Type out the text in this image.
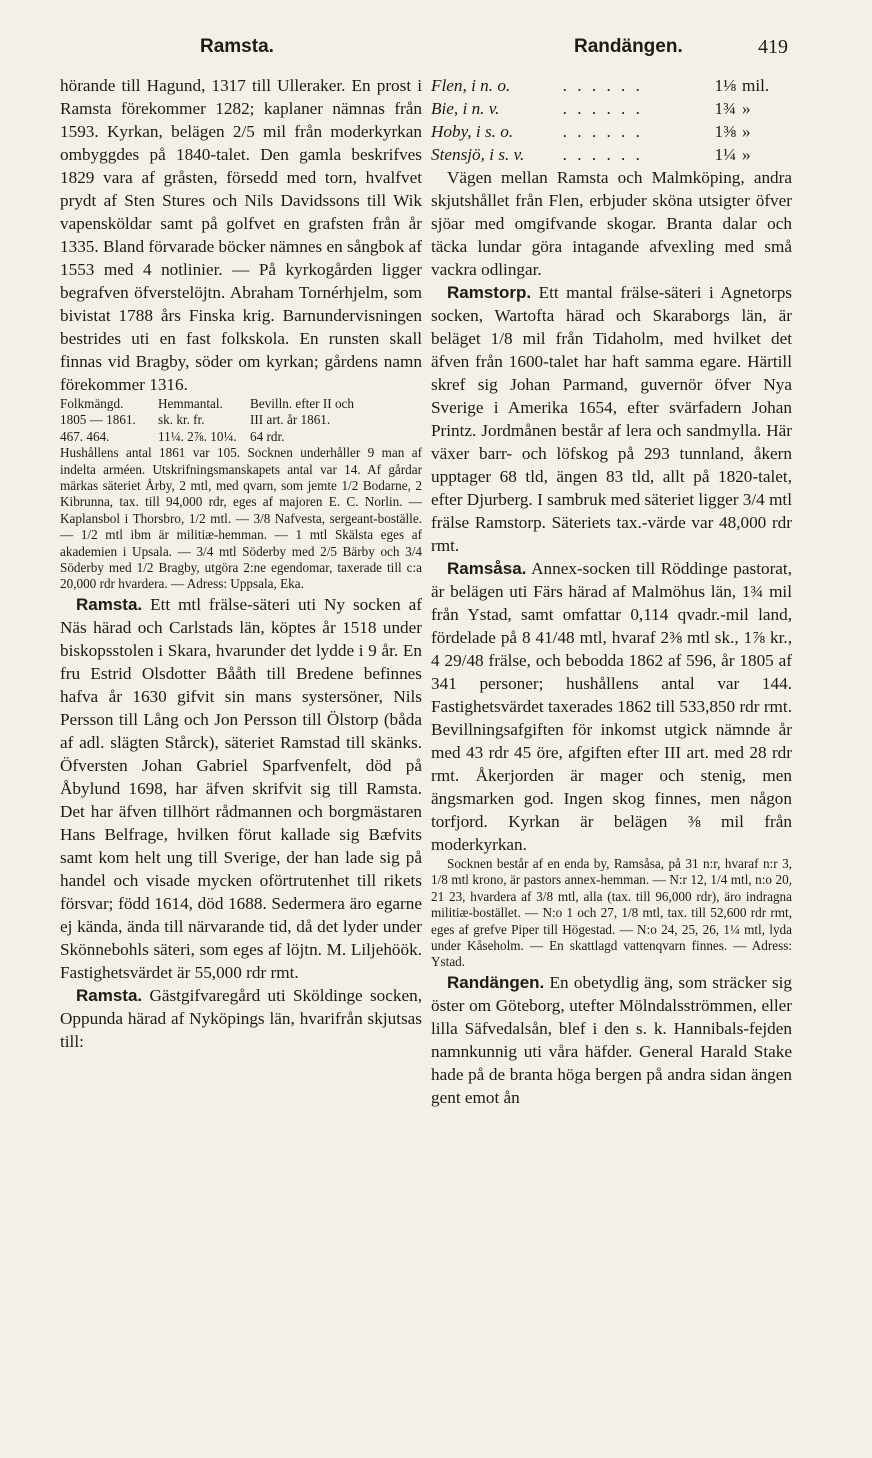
Ramsta.	Randängen.	419

hörande till Hagund, 1317 till Ulleraker. En prost i Ramsta förekommer 1282; kaplaner nämnas från 1593. Kyrkan, belägen 2/5 mil från moderkyrkan ombyggdes på 1840-talet. Den gamla beskrifves 1829 vara af gråsten, försedd med torn, hvalfvet prydt af Sten Stures och Nils Davidssons till Wik vapensköldar samt på golfvet en grafsten från år 1335. Bland förvarade böcker nämnes en sångbok af 1553 med 4 notlinier. — På kyrkogården ligger begrafven öfverstelöjtn. Abraham Tornérhjelm, som bivistat 1788 års Finska krig. Barnundervisningen bestrides uti en fast folkskola. En runsten skall finnas vid Bragby, söder om kyrkan; gårdens namn förekommer 1316.

Folkmängd.	Hemmantal.	Bevilln. efter II och
1805 — 1861.	sk. kr. fr.	III art. år 1861.
467. 464.	11¼. 2⅞. 10¼.	64 rdr.

Hushållens antal 1861 var 105. Socknen underhåller 9 man af indelta arméen. Utskrifningsmanskapets antal var 14. Af gårdar märkas säteriet Årby, 2 mtl, med qvarn, som jemte 1/2 Bodarne, 2 Kibrunna, tax. till 94,000 rdr, eges af majoren E. C. Norlin. — Kaplansbol i Thorsbro, 1/2 mtl. — 3/8 Nafvesta, sergeant-boställe. — 1/2 mtl ibm är militiæ-hemman. — 1 mtl Skälsta eges af akademien i Upsala. — 3/4 mtl Söderby med 2/5 Bärby och 3/4 Söderby med 1/2 Bragby, utgöra 2:ne egendomar, taxerade till c:a 20,000 rdr hvardera. — Adress: Uppsala, Eka.

Ramsta. Ett mtl frälse-säteri uti Ny socken af Näs härad och Carlstads län, köptes år 1518 under biskopsstolen i Skara, hvarunder det lydde i 9 år. En fru Estrid Olsdotter Bååth till Bredene befinnes hafva år 1630 gifvit sin mans systersöner, Nils Persson till Lång och Jon Persson till Ölstorp (båda af adl. slägten Stårck), säteriet Ramstad till skänks. Öfversten Johan Gabriel Sparfvenfelt, död på Åbylund 1698, har äfven skrifvit sig till Ramsta. Det har äfven tillhört rådmannen och borgmästaren Hans Belfrage, hvilken förut kallade sig Bæfvits samt kom helt ung till Sverige, der han lade sig på handel och visade mycken oförtrutenhet till rikets försvar; född 1614, död 1688. Sedermera äro egarne ej kända, ända till närvarande tid, då det lyder under Skönnebohls säteri, som eges af löjtn. M. Liljehöök. Fastighetsvärdet är 55,000 rdr rmt.

Ramsta. Gästgifvaregård uti Sköldinge socken, Oppunda härad af Nyköpings län, hvarifrån skjutsas till:

Flen, i n. o.	. . . . . .	1⅛	mil.
Bie, i n. v.	. . . . . .	1¾	»
Hoby, i s. o.	. . . . . .	1⅜	»
Stensjö, i s. v.	. . . . . .	1¼	»

Vägen mellan Ramsta och Malmköping, andra skjutshållet från Flen, erbjuder sköna utsigter öfver sjöar med omgifvande skogar. Branta dalar och täcka lundar göra intagande afvexling med små vackra odlingar.

Ramstorp. Ett mantal frälse-säteri i Agnetorps socken, Wartofta härad och Skaraborgs län, är beläget 1/8 mil från Tidaholm, med hvilket det äfven från 1600-talet har haft samma egare. Härtill skref sig Johan Parmand, guvernör öfver Nya Sverige i Amerika 1654, efter svärfadern Johan Printz. Jordmånen består af lera och sandmylla. Här växer barr- och löfskog på 293 tunnland, åkern upptager 68 tld, ängen 83 tld, allt på 1820-talet, efter Djurberg. I sambruk med säteriet ligger 3/4 mtl frälse Ramstorp. Säteriets tax.-värde var 48,000 rdr rmt.

Ramsåsa. Annex-socken till Röddinge pastorat, är belägen uti Färs härad af Malmöhus län, 1¾ mil från Ystad, samt omfattar 0,114 qvadr.-mil land, fördelade på 8 41/48 mtl, hvaraf 2⅜ mtl sk., 1⅞ kr., 4 29/48 frälse, och bebodda 1862 af 596, år 1805 af 341 personer; hushållens antal var 144. Fastighetsvärdet taxerades 1862 till 533,850 rdr rmt. Bevillningsafgiften för inkomst utgick nämnde år med 43 rdr 45 öre, afgiften efter III art. med 28 rdr rmt. Åkerjorden är mager och stenig, men ängsmarken god. Ingen skog finnes, men någon torfjord. Kyrkan är belägen ⅜ mil från moderkyrkan.

Socknen består af en enda by, Ramsåsa, på 31 n:r, hvaraf n:r 3, 1/8 mtl krono, är pastors annex-hemman. — N:r 12, 1/4 mtl, n:o 20, 21 23, hvardera af 3/8 mtl, alla (tax. till 96,000 rdr), äro indragna militiæ-bostället. — N:o 1 och 27, 1/8 mtl, tax. till 52,600 rdr rmt, eges af grefve Piper till Högestad. — N:o 24, 25, 26, 1¼ mtl, lyda under Kåseholm. — En skattlagd vattenqvarn finnes. — Adress: Ystad.

Randängen. En obetydlig äng, som sträcker sig öster om Göteborg, utefter Mölndalsströmmen, eller lilla Säfvedalsån, blef i den s. k. Hannibals-fejden namnkunnig uti våra häfder. General Harald Stake hade på de branta höga bergen på andra sidan ängen gent emot ån
